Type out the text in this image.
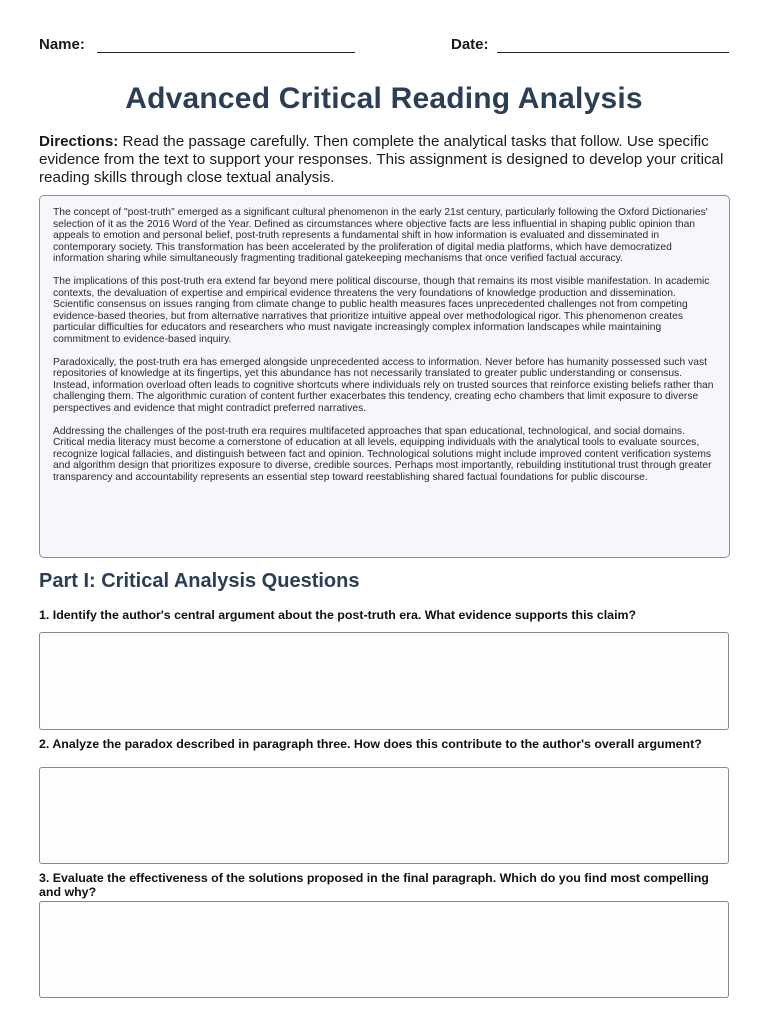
Name:	Date:
Advanced Critical Reading Analysis
Directions: Read the passage carefully. Then complete the analytical tasks that follow. Use specific evidence from the text to support your responses. This assignment is designed to develop your critical reading skills through close textual analysis.

The concept of "post-truth" emerged as a significant cultural phenomenon in the early 21st century, particularly following the Oxford Dictionaries' selection of it as the 2016 Word of the Year. Defined as circumstances where objective facts are less influential in shaping public opinion than appeals to emotion and personal belief, post-truth represents a fundamental shift in how information is evaluated and disseminated in contemporary society. This transformation has been accelerated by the proliferation of digital media platforms, which have democratized information sharing while simultaneously fragmenting traditional gatekeeping mechanisms that once verified factual accuracy.

The implications of this post-truth era extend far beyond mere political discourse, though that remains its most visible manifestation. In academic contexts, the devaluation of expertise and empirical evidence threatens the very foundations of knowledge production and dissemination. Scientific consensus on issues ranging from climate change to public health measures faces unprecedented challenges not from competing evidence-based theories, but from alternative narratives that prioritize intuitive appeal over methodological rigor. This phenomenon creates particular difficulties for educators and researchers who must navigate increasingly complex information landscapes while maintaining commitment to evidence-based inquiry.

Paradoxically, the post-truth era has emerged alongside unprecedented access to information. Never before has humanity possessed such vast repositories of knowledge at its fingertips, yet this abundance has not necessarily translated to greater public understanding or consensus. Instead, information overload often leads to cognitive shortcuts where individuals rely on trusted sources that reinforce existing beliefs rather than challenging them. The algorithmic curation of content further exacerbates this tendency, creating echo chambers that limit exposure to diverse perspectives and evidence that might contradict preferred narratives.

Addressing the challenges of the post-truth era requires multifaceted approaches that span educational, technological, and social domains. Critical media literacy must become a cornerstone of education at all levels, equipping individuals with the analytical tools to evaluate sources, recognize logical fallacies, and distinguish between fact and opinion. Technological solutions might include improved content verification systems and algorithm design that prioritizes exposure to diverse, credible sources. Perhaps most importantly, rebuilding institutional trust through greater transparency and accountability represents an essential step toward reestablishing shared factual foundations for public discourse.

Part I: Critical Analysis Questions
1. Identify the author's central argument about the post-truth era. What evidence supports this claim?
2. Analyze the paradox described in paragraph three. How does this contribute to the author's overall argument?
3. Evaluate the effectiveness of the solutions proposed in the final paragraph. Which do you find most compelling and why?
